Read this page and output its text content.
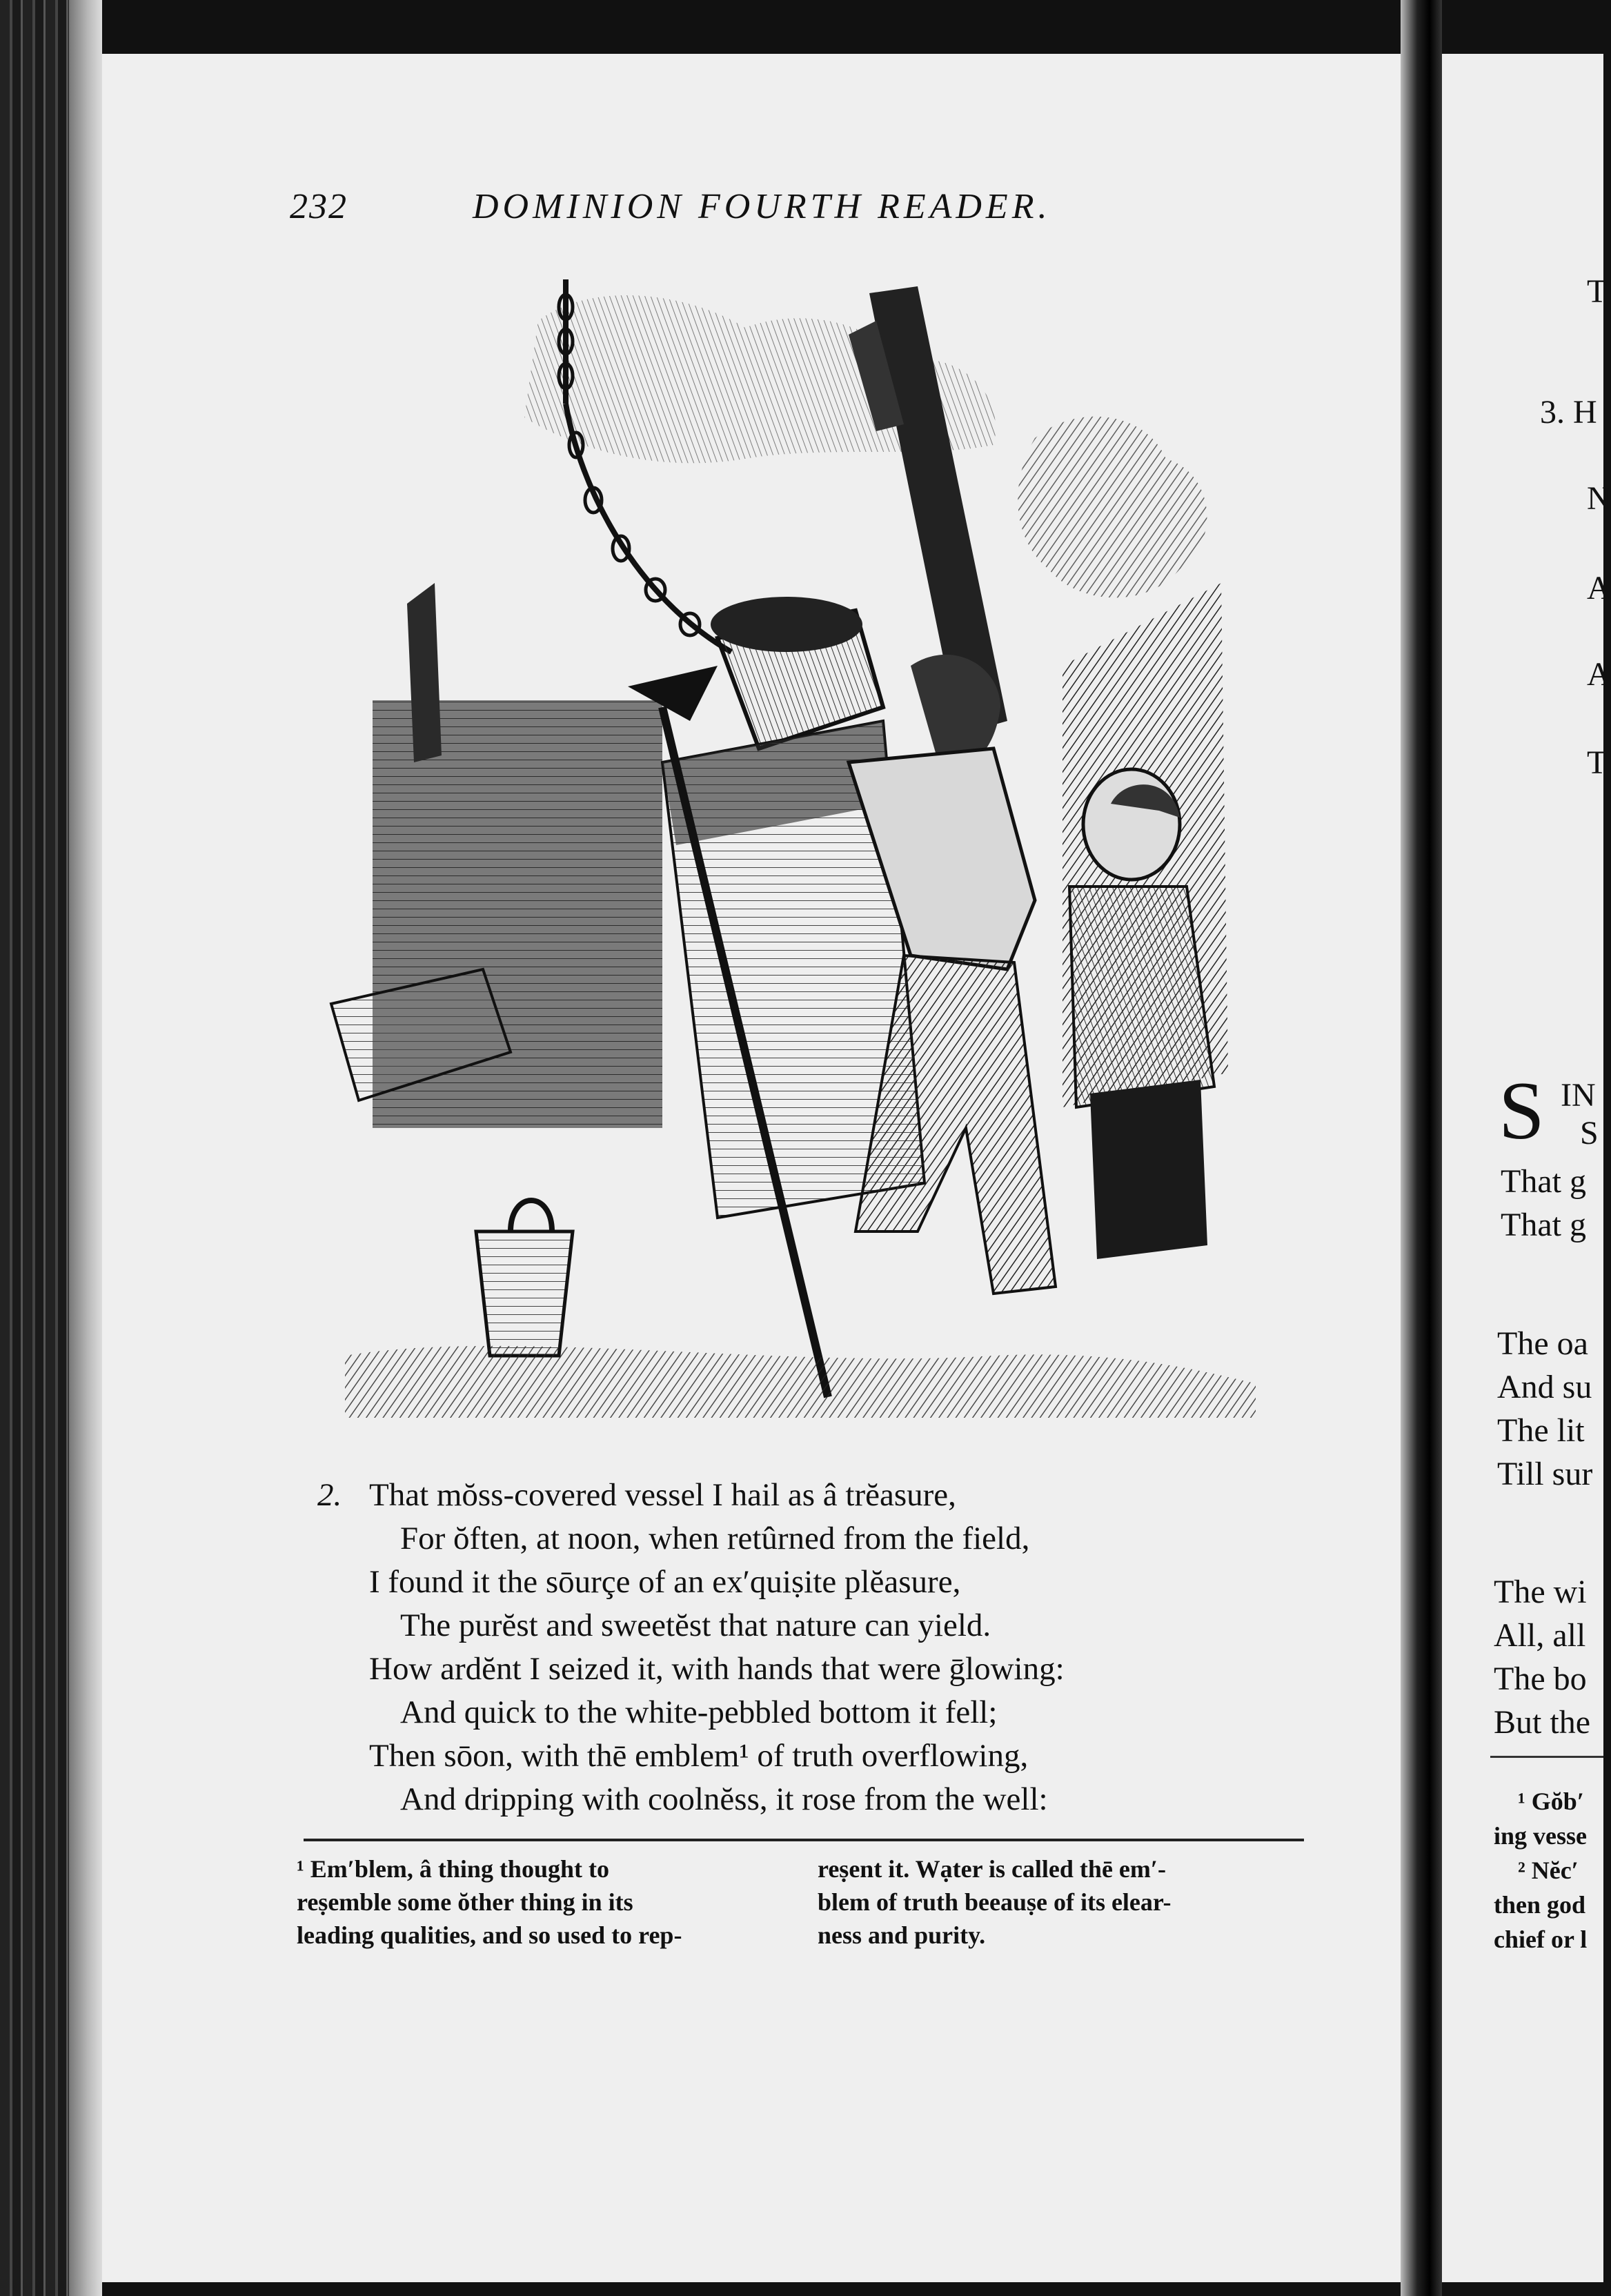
232	DOMINION FOURTH READER.
2. That mŏss-covered vessel I hail as â trĕasure,
For ŏften, at noon, when retûrned from the field,
I found it the sōurçe of an ex′quiṣite plĕasure,
The purĕst and sweetĕst that nature can yield.
How ardĕnt I seized it, with hands that were ḡlowing:
And quick to the white-pebbled bottom it fell;
Then sōon, with thē emblem¹ of truth overflowing,
And dripping with coolnĕss, it rose from the well:
¹ Em′blem, â thing thought to
reṣemble some ŏther thing in its
leading qualities, and so used to rep-
reṣent it. Wạter is called thē em′-
blem of truth beeauṣe of its elear-
ness and purity.
T
3. H
N
A
A
T
S IN
S
That g
That g
The oa
And su
The lit
Till sur
The wi
All, all
The bo
But the
¹ Gŏb′
ing vesse
² Nĕc′
then god
chief or l
